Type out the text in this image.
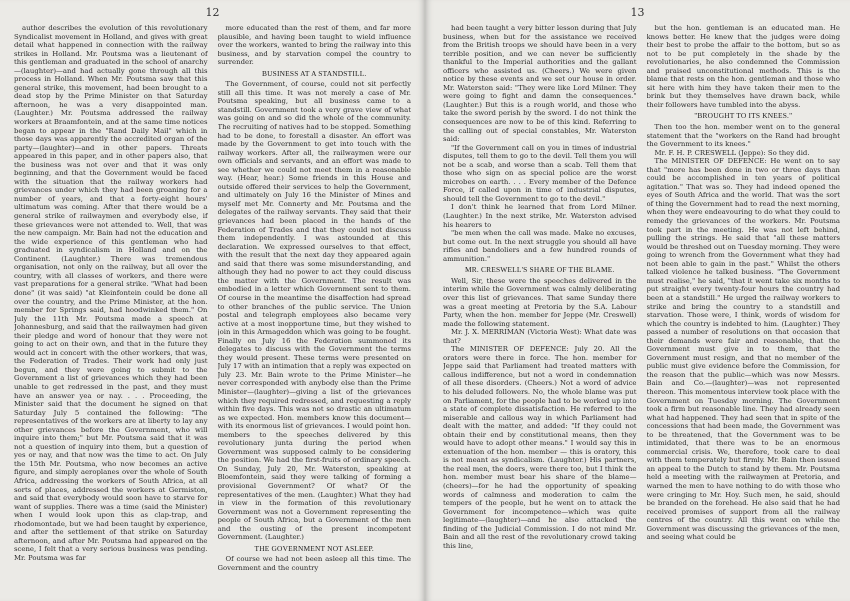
12
author describes the evolution of this revolutionary Syndicalist movement in Holland, and gives with great detail what happened in connection with the railway strikes in Holland. Mr. Poutsma was a lieutenant of this gentleman and graduated in the school of anarchy—(laughter)—and had actually gone through all this process in Holland. When Mr. Poutsma saw that this general strike, this movement, had been brought to a dead stop by the Prime Minister on that Saturday afternoon, he was a very disappointed man. (Laughter.) Mr. Poutsma addressed the railway workers at Braamfontein, and at the same time notices began to appear in the "Rand Daily Mail" which in those days was apparently the accredited organ of the party—(laughter)—and in other papers. Threats appeared in this paper, and in other papers also, that the business was not over and that it was only beginning, and that the Government would be faced with the situation that the railway workers had grievances under which they had been groaning for a number of years, and that a forty-eight hours' ultimatum was coming. After that there would be a general strike of railwaymen and everybody else, if these grievances were not attended to. Well, that was the new campaign. Mr. Bain had not the education and the wide experience of this gentleman who had graduated in syndicalism in Holland and on the Continent. (Laughter.) There was tremendous organisation, not only on the railway, but all over the country, with all classes of workers, and there were vast preparations for a general strike. "What had been done" (it was said) "at Kleinfontein could be done all over the country, and the Prime Minister, at the hon. member for Springs said, had hoodwinked them." On July the 11th Mr. Poutsma made a speech at Johannesburg, and said that the railwaymen had given their pledge and word of honour that they were not going to act on their own, and that in the future they would act in concert with the other workers, that was, the Federation of Trades. Their work had only just begun, and they were going to submit to the Government a list of grievances which they had been unable to get redressed in the past, and they must have an answer yea or nay. . . . Proceeding, the Minister said that the document he signed on that Saturday July 5 contained the following: "The representatives of the workers are at liberty to lay any other grievances before the Government, who will inquire into them;" but Mr. Poutsma said that it was not a question of inquiry into them, but a question of yes or nay, and that now was the time to act. On July the 15th Mr. Poutsma, who now becomes an active figure, and simply aeroplanes over the whole of South Africa, addressing the workers of South Africa, at all sorts of places, addressed the workers at Germiston, and said that everybody would soon have to starve for want of supplies. There was a time (said the Minister) when I would look upon this as clap-trap, and rhodomontade, but we had been taught by experience, and after the settlement of that strike on Saturday afternoon, and after Mr. Poutsma had appeared on the scene, I felt that a very serious business was pending. Mr. Poutsma was far
more educated than the rest of them, and far more plausible, and having been taught to wield influence over the workers, wanted to bring the railway into this business, and by starvation compel the country to surrender.
BUSINESS AT A STANDSTILL.
The Government, of course, could not sit perfectly still all this time. It was not merely a case of Mr. Poutsma speaking, but all business came to a standstill. Government took a very grave view of what was going on and so did the whole of the community. The recruiting of natives had to be stopped. Something had to be done, to forestall a disaster. An effort was made by the Government to get into touch with the railway workers. After all, the railwaymen were our own officials and servants, and an effort was made to see whether we could not meet them in a reasonable way. (Hear, hear.) Some friends in this House and outside offered their services to help the Government, and ultimately on July 16 the Minister of Mines and myself met Mr. Connerty and Mr. Poutsma and the delegates of the railway servants. They said that their grievances had been placed in the hands of the Federation of Trades and that they could not discuss them independently. I was astounded at this declaration. We expressed ourselves to that effect, with the result that the next day they appeared again and said that there was some misunderstanding, and although they had no power to act they could discuss the matter with the Government. The result was embodied in a letter which Government sent to them. Of course in the meantime the disaffection had spread to other branches of the public service. The Union postal and telegraph employees also became very active at a most inopportune time, but they wished to join in this Armageddon which was going to be fought. Finally on July 16 the Federation summoned its delegates to discuss with the Government the terms they would present. These terms were presented on July 17 with an intimation that a reply was expected on July 23. Mr. Bain wrote to the Prime Minister—he never corresponded with anybody else than the Prime Minister—(laughter)—giving a list of the grievances which they required redressed, and requesting a reply within five days. This was not so drastic an ultimatum as we expected. Hon. members know this document—with its enormous list of grievances. I would point hon. members to the speeches delivered by this revolutionary junta during the period when Government was supposed calmly to be considering the position. We had the first-fruits of ordinary speech. On Sunday, July 20, Mr. Waterston, speaking at Bloemfontein, said they were talking of forming a provisional Government? Of what? Of the representatives of the men. (Laughter.) What they had in view in the formation of this revolutionary Government was not a Government representing the people of South Africa, but a Government of the men and the ousting of the present incompetent Government. (Laughter.)
THE GOVERNMENT NOT ASLEEP.
Of course we had not been asleep all this time. The Government and the country
13
had been taught a very bitter lesson during that July business, when but for the assistance we received from the British troops we should have been in a very terrible position, and we can never be sufficiently thankful to the Imperial authorities and the gallant officers who assisted us. (Cheers.) We were given notice by these events and we set our house in order. Mr. Waterston said: "They were like Lord Milner. They were going to fight and damn the consequences." (Laughter.) But this is a rough world, and those who take the sword perish by the sword. I do not think the consequences are now to be of this kind. Referring to the calling out of special constables, Mr. Waterston said:
"If the Government call on you in times of industrial disputes, tell them to go to the devil. Tell them you will not be a scab, and worse than a scab. Tell them that those who sign on as special police are the worst microbes on earth. . . . Every member of the Defence Force, if called upon in time of industrial disputes, should tell the Government to go to the devil."
I don't think he learned that from Lord Milner. (Laughter.) In the next strike, Mr. Waterston advised his hearers to
"be men when the call was made. Make no excuses, but come out. In the next struggle you should all have rifles and bandoliers and a few hundred rounds of ammunition."
MR. CRESWELL'S SHARE OF THE BLAME.
Well, Sir, these were the speeches delivered in the interim while the Government was calmly deliberating over this list of grievances. That same Sunday there was a great meeting at Pretoria by the S.A. Labour Party, when the hon. member for Jeppe (Mr. Creswell) made the following statement.
Mr. J. X. MERRIMAN (Victoria West): What date was that?
The MINISTER OF DEFENCE: July 20. All the orators were there in force. The hon. member for Jeppe said that Parliament had treated matters with callous indifference, but not a word in condemnation of all these disorders. (Cheers.) Not a word of advice to his deluded followers. No, the whole blame was put on Parliament, for the people had to be worked up into a state of complete dissatisfaction. He referred to the miserable and callous way in which Parliament had dealt with the matter, and added: "If they could not obtain their end by constitutional means, then they would have to adopt other means." I would say this in extenuation of the hon. member — this is oratory, this is not meant as syndicalism. (Laughter.) His partners, the real men, the doers, were there too, but I think the hon. member must bear his share of the blame—(cheers)—for he had the opportunity of speaking words of calmness and moderation to calm the tempers of the people, but he went on to attack the Government for incompetence—which was quite legitimate—(laughter)—and he also attacked the finding of the Judicial Commission. I do not mind Mr. Bain and all the rest of the revolutionary crowd taking this line,
but the hon. gentleman is an educated man. He knows better. He knew that the judges were doing their best to probe the affair to the bottom, but so as not to be put completely in the shade by the revolutionaries, he also condemned the Commission and praised unconstitutional methods. This is the blame that rests on the hon. gentleman and those who sit here with him they have taken their men to the brink but they themselves have drawn back, while their followers have tumbled into the abyss.
"BROUGHT TO ITS KNEES."
Then too the hon. member went on to the general statement that the "workers on the Rand had brought the Government to its knees."
Mr. F. H. P. CRESWELL (Jeppe): So they did.
The MINISTER OF DEFENCE: He went on to say that "more has been done in two or three days than could be accomplished in ten years of political agitation." That was so. They had indeed opened the eyes of South Africa and the world. That was the sort of thing the Government had to read the next morning, when they were endeavouring to do what they could to remedy the grievances of the workers. Mr. Poutsma took part in the meeting. He was not left behind, pulling the strings. He said that "all these matters would be threshed out on Tuesday morning. They were going to wrench from the Government what they had not been able to gain in the past." Whilst the others talked violence he talked business. "The Government must realise," he said, "that it went take six months to put straight every twenty-four hours the country had been at a standstill." He urged the railway workers to strike and bring the country to a standstill and starvation. Those were, I think, words of wisdom for which the country is indebted to him. (Laughter.) They passed a number of resolutions on that occasion that their demands were fair and reasonable, that the Government must give in to them, that the Government must resign, and that no member of the public must give evidence before the Commission, for the reason that the public—which was now Messrs. Bain and Co.—(laughter)—was not represented thereon. This momentous interview took place with the Government on Tuesday morning. The Government took a firm but reasonable line. They had already seen what had happened. They had seen that in spite of the concessions that had been made, the Government was to be threatened, that the Government was to be intimidated, that there was to be an enormous commercial crisis. We, therefore, took care to deal with them temperately but firmly. Mr. Bain then issued an appeal to the Dutch to stand by them. Mr. Poutsma held a meeting with the railwaymen at Pretoria, and warned the men to have nothing to do with those who were cringing to Mr. Hoy. Such men, he said, should be branded on the forehead. He also said that he had received promises of support from all the railway centres of the country. All this went on while the Government was discussing the grievances of the men, and seeing what could be
